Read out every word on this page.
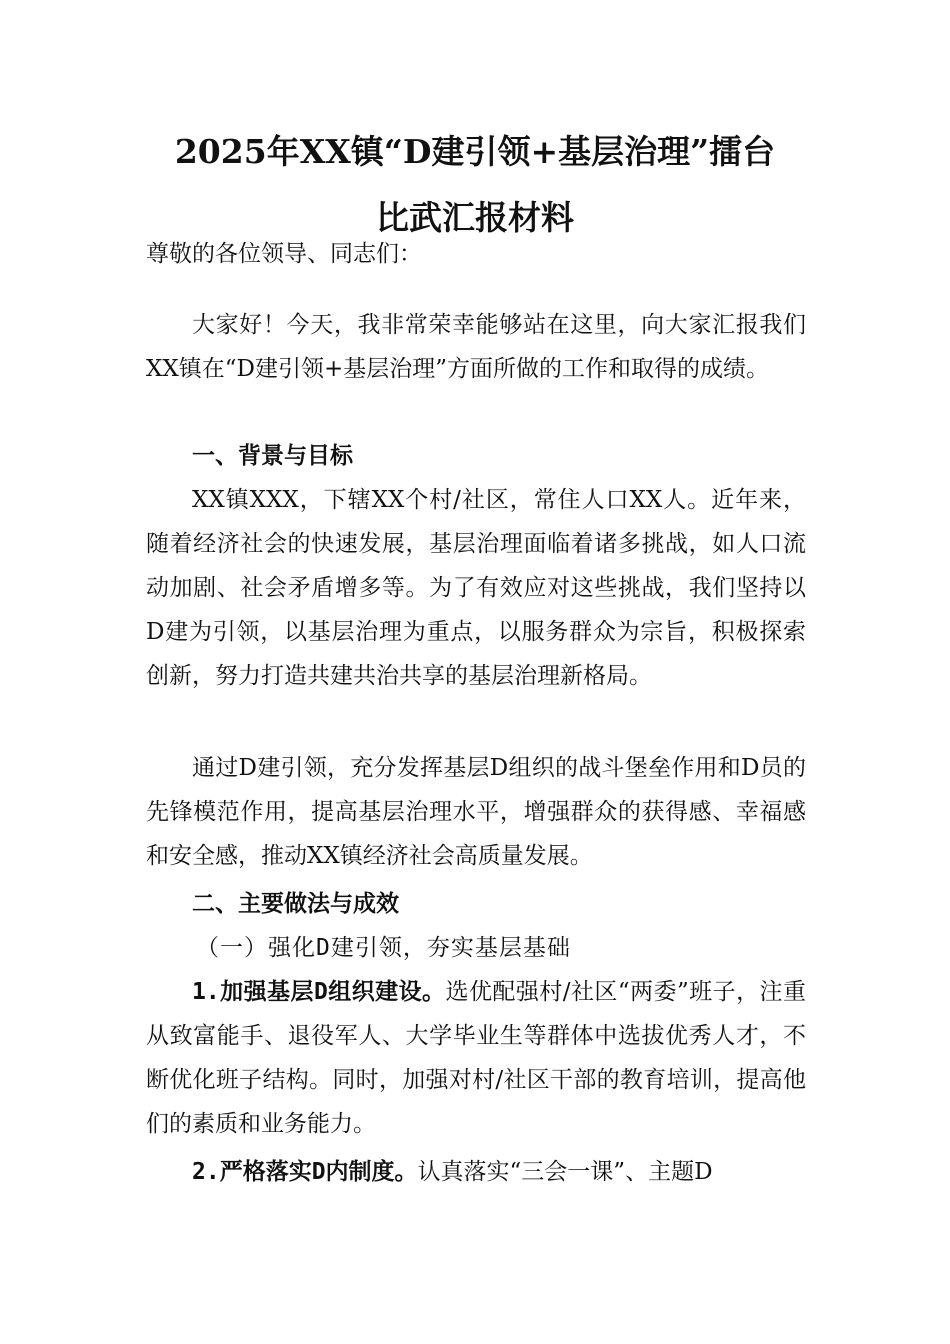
2025年XX镇“D建引领+基层治理”擂台
比武汇报材料
尊敬的各位领导、同志们：
大家好！今天，我非常荣幸能够站在这里，向大家汇报我们XX镇在“D建引领+基层治理”方面所做的工作和取得的成绩。
一、背景与目标
XX镇XXX，下辖XX个村/社区，常住人口XX人。近年来，随着经济社会的快速发展，基层治理面临着诸多挑战，如人口流动加剧、社会矛盾增多等。为了有效应对这些挑战，我们坚持以D建为引领，以基层治理为重点，以服务群众为宗旨，积极探索创新，努力打造共建共治共享的基层治理新格局。
通过D建引领，充分发挥基层D组织的战斗堡垒作用和D员的先锋模范作用，提高基层治理水平，增强群众的获得感、幸福感和安全感，推动XX镇经济社会高质量发展。
二、主要做法与成效
（一）强化D建引领，夯实基层基础
1.加强基层D组织建设。选优配强村/社区“两委”班子，注重从致富能手、退役军人、大学毕业生等群体中选拔优秀人才，不断优化班子结构。同时，加强对村/社区干部的教育培训，提高他们的素质和业务能力。
2.严格落实D内制度。认真落实“三会一课”、主题D
